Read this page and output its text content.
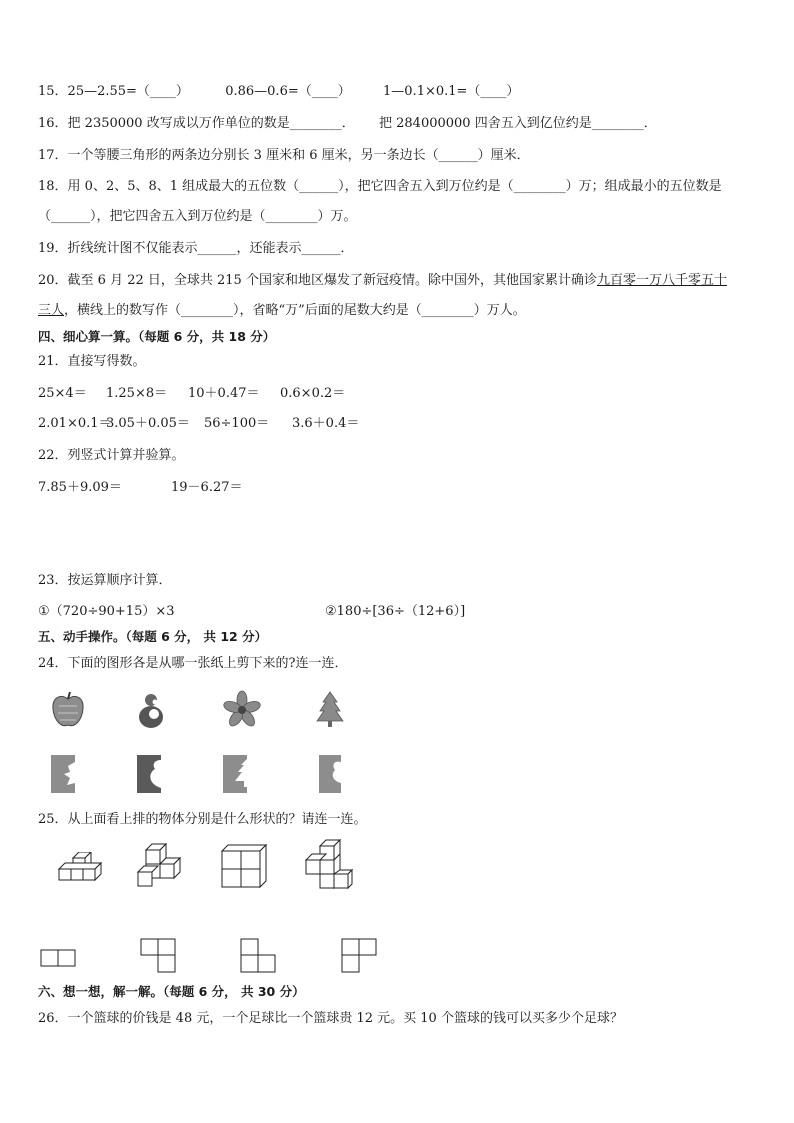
15．25—2.55=（____）	0.86—0.6=（____） 1—0.1×0.1=（____）
16．把 2350000 改写成以万作单位的数是________． 把 284000000 四舍五入到亿位约是________．
17．一个等腰三角形的两条边分别长 3 厘米和 6 厘米，另一条边长（______）厘米．
18．用 0、2、5、8、1 组成最大的五位数（______），把它四舍五入到万位约是（________）万；组成最小的五位数是
（______），把它四舍五入到万位约是（________）万。
19．折线统计图不仅能表示______，还能表示______．
20．截至 6 月 22 日，全球共 215 个国家和地区爆发了新冠疫情。除中国外，其他国家累计确诊九百零一万八千零五十
三人，横线上的数写作（________），省略“万”后面的尾数大约是（________）万人。
四、细心算一算。（每题 6 分，共 18 分）
21．直接写得数。
25×4＝ 1.25×8＝ 10＋0.47＝ 0.6×0.2＝
2.01×0.1＝3.05＋0.05＝ 56÷100＝ 3.6＋0.4＝
22．列竖式计算并验算。
7.85＋9.09＝	19－6.27＝
23．按运算顺序计算．
①（720÷90+15）×3	②180÷[36÷（12+6）]
五、动手操作。（每题 6 分， 共 12 分）
24．下面的图形各是从哪一张纸上剪下来的?连一连．
25．从上面看上排的物体分别是什么形状的？请连一连。
六、想一想，解一解。（每题 6 分， 共 30 分）
26．一个篮球的价钱是 48 元，一个足球比一个篮球贵 12 元。买 10 个篮球的钱可以买多少个足球？
